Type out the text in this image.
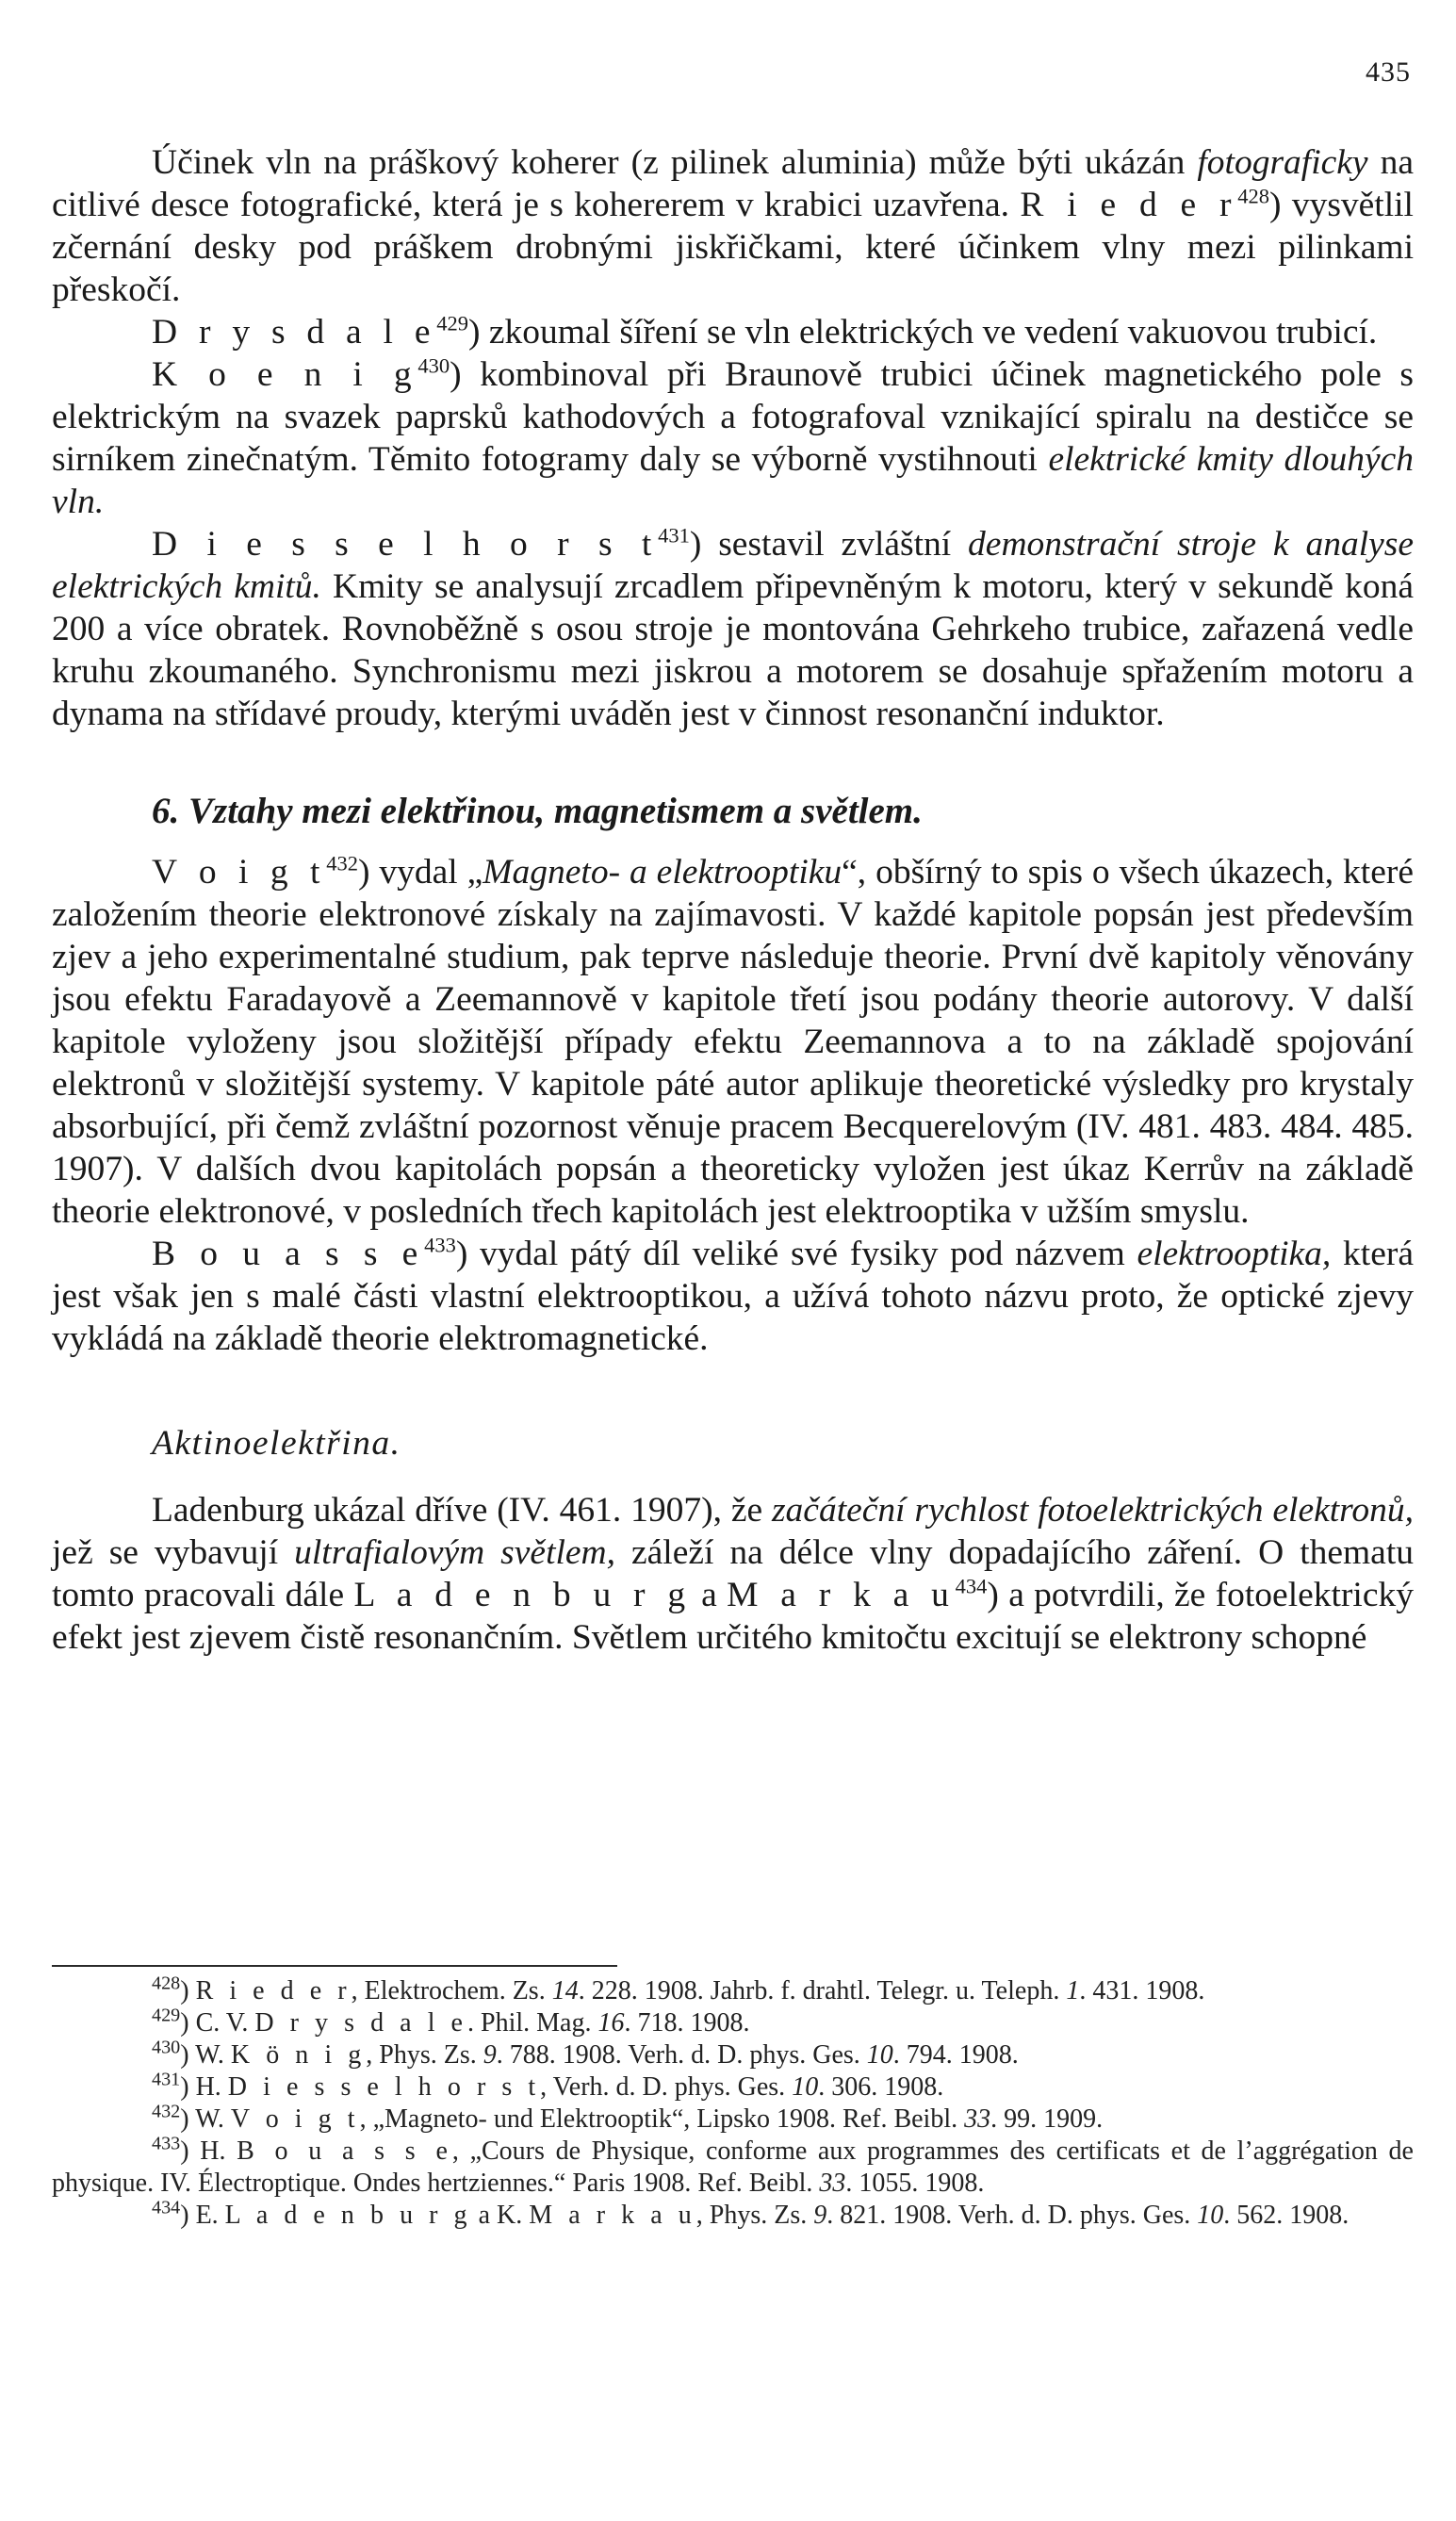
435

Účinek vln na práškový koherer (z pilinek aluminia) může býti ukázán fotograficky na citlivé desce fotografické, která je s kohererem v krabici uzavřena. R i e d e r$^{428}$) vysvětlil zčernání desky pod práškem drobnými jiskřičkami, které účinkem vlny mezi pilinkami přeskočí.

D r y s d a l e$^{429}$) zkoumal šíření se vln elektrických ve vedení vakuovou trubicí.

K o e n i g$^{430}$) kombinoval při Braunově trubici účinek magnetického pole s elektrickým na svazek paprsků kathodových a fotografoval vznikající spiralu na destičce se sirníkem zinečnatým. Těmito fotogramy daly se výborně vystihnouti elektrické kmity dlouhých vln.

D i e s s e l h o r s t$^{431}$) sestavil zvláštní demonstrační stroje k analyse elektrických kmitů. Kmity se analysují zrcadlem připevněným k motoru, který v sekundě koná 200 a více obratek. Rovnoběžně s osou stroje je montována Gehrkeho trubice, zařazená vedle kruhu zkoumaného. Synchronismu mezi jiskrou a motorem se dosahuje spřažením motoru a dynama na střídavé proudy, kterými uváděn jest v činnost resonanční induktor.

6. Vztahy mezi elektřinou, magnetismem a světlem.

V o i g t$^{432}$) vydal „Magneto- a elektrooptiku“, obšírný to spis o všech úkazech, které založením theorie elektronové získaly na zajímavosti. V každé kapitole popsán jest především zjev a jeho experimentalné studium, pak teprve následuje theorie. První dvě kapitoly věnovány jsou efektu Faradayově a Zeemannově v kapitole třetí jsou podány theorie autorovy. V další kapitole vyloženy jsou složitější případy efektu Zeemannova a to na základě spojování elektronů v složitější systemy. V kapitole páté autor aplikuje theoretické výsledky pro krystaly absorbující, při čemž zvláštní pozornost věnuje pracem Becquerelovým (IV. 481. 483. 484. 485. 1907). V dalších dvou kapitolách popsán a theoreticky vyložen jest úkaz Kerrův na základě theorie elektronové, v posledních třech kapitolách jest elektrooptika v užším smyslu.

B o u a s s e$^{433}$) vydal pátý díl veliké své fysiky pod názvem elektrooptika, která jest však jen s malé části vlastní elektrooptikou, a užívá tohoto názvu proto, že optické zjevy vykládá na základě theorie elektromagnetické.

Aktinoelektřina.

Ladenburg ukázal dříve (IV. 461. 1907), že začáteční rychlost fotoelektrických elektronů, jež se vybavují ultrafialovým světlem, záleží na délce vlny dopadajícího záření. O thematu tomto pracovali dále L a d e n b u r g a M a r k a u$^{434}$) a potvrdili, že fotoelektrický efekt jest zjevem čistě resonančním. Světlem určitého kmitočtu excitují se elektrony schopné

$^{428}$) R i e d e r, Elektrochem. Zs. 14. 228. 1908. Jahrb. f. drahtl. Telegr. u. Teleph. 1. 431. 1908.

$^{429}$) C. V. D r y s d a l e. Phil. Mag. 16. 718. 1908.

$^{430}$) W. K ö n i g, Phys. Zs. 9. 788. 1908. Verh. d. D. phys. Ges. 10. 794. 1908.

$^{431}$) H. D i e s s e l h o r s t, Verh. d. D. phys. Ges. 10. 306. 1908.

$^{432}$) W. V o i g t, „Magneto- und Elektrooptik“, Lipsko 1908. Ref. Beibl. 33. 99. 1909.

$^{433}$) H. B o u a s s e, „Cours de Physique, conforme aux programmes des certificats et de l’aggrégation de physique. IV. Électroptique. Ondes hertziennes.“ Paris 1908. Ref. Beibl. 33. 1055. 1908.

$^{434}$) E. L a d e n b u r g a K. M a r k a u, Phys. Zs. 9. 821. 1908. Verh. d. D. phys. Ges. 10. 562. 1908.
